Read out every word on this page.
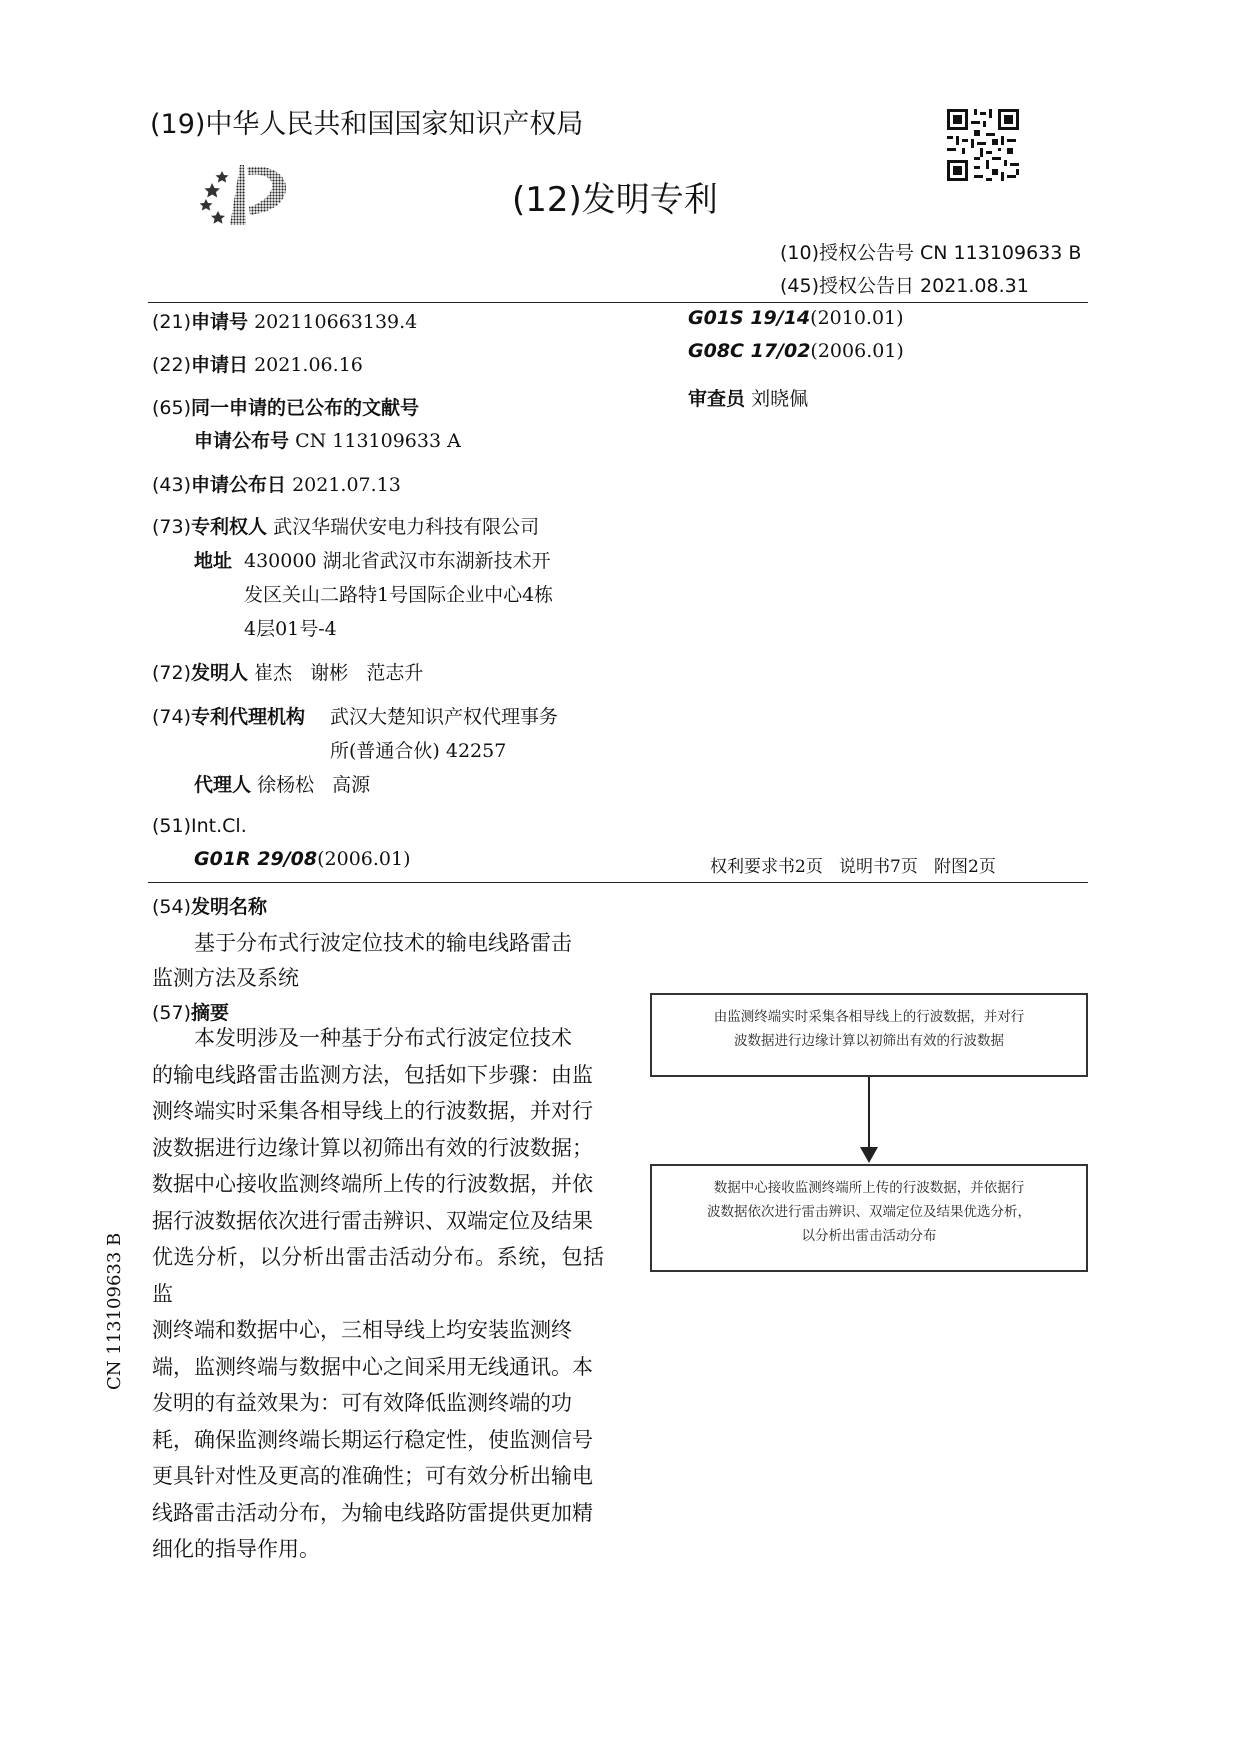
(19)中华人民共和国国家知识产权局
(12)发明专利
(10)授权公告号 CN 113109633 B
(45)授权公告日 2021.08.31
(21)申请号 202110663139.4
(22)申请日 2021.06.16
(65)同一申请的已公布的文献号
申请公布号 CN 113109633 A
(43)申请公布日 2021.07.13
(73)专利权人 武汉华瑞伏安电力科技有限公司
地址 430000 湖北省武汉市东湖新技术开
发区关山二路特1号国际企业中心4栋
4层01号-4
(72)发明人 崔杰   谢彬   范志升
(74)专利代理机构 武汉大楚知识产权代理事务
所(普通合伙) 42257
代理人 徐杨松   高源
(51)Int.Cl.
G01R 29/08(2006.01)
G01S 19/14(2010.01)
G08C 17/02(2006.01)
审查员 刘晓佩
权利要求书2页   说明书7页   附图2页
(54)发明名称
基于分布式行波定位技术的输电线路雷击
监测方法及系统
(57)摘要
本发明涉及一种基于分布式行波定位技术
的输电线路雷击监测方法，包括如下步骤：由监
测终端实时采集各相导线上的行波数据，并对行
波数据进行边缘计算以初筛出有效的行波数据；
数据中心接收监测终端所上传的行波数据，并依
据行波数据依次进行雷击辨识、双端定位及结果
优选分析，以分析出雷击活动分布。系统，包括监
测终端和数据中心，三相导线上均安装监测终
端，监测终端与数据中心之间采用无线通讯。本
发明的有益效果为：可有效降低监测终端的功
耗，确保监测终端长期运行稳定性，使监测信号
更具针对性及更高的准确性；可有效分析出输电
线路雷击活动分布，为输电线路防雷提供更加精
细化的指导作用。
由监测终端实时采集各相导线上的行波数据，并对行
波数据进行边缘计算以初筛出有效的行波数据
数据中心接收监测终端所上传的行波数据，并依据行
波数据依次进行雷击辨识、双端定位及结果优选分析，
以分析出雷击活动分布
CN 113109633 B
